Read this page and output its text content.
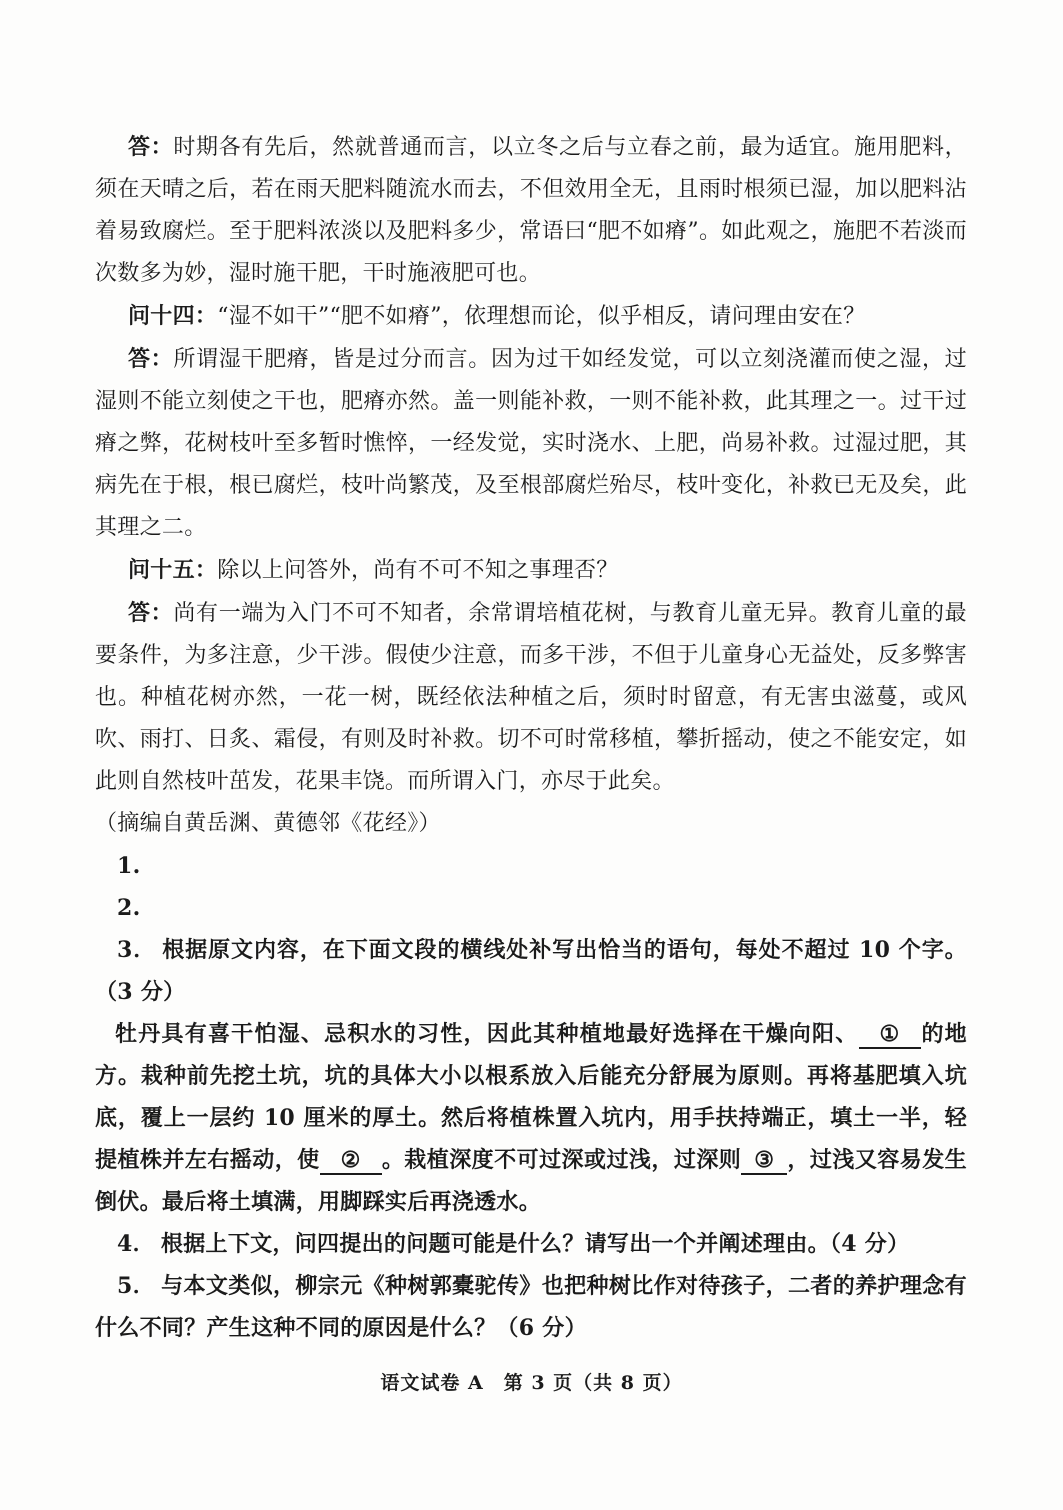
答：时期各有先后，然就普通而言，以立冬之后与立春之前，最为适宜。施用肥料，须在天晴之后，若在雨天肥料随流水而去，不但效用全无，且雨时根须已湿，加以肥料沾着易致腐烂。至于肥料浓淡以及肥料多少，常语曰“肥不如瘠”。如此观之，施肥不若淡而次数多为妙，湿时施干肥，干时施液肥可也。

问十四：“湿不如干”“肥不如瘠”，依理想而论，似乎相反，请问理由安在？

答：所谓湿干肥瘠，皆是过分而言。因为过干如经发觉，可以立刻浇灌而使之湿，过湿则不能立刻使之干也，肥瘠亦然。盖一则能补救，一则不能补救，此其理之一。过干过瘠之弊，花树枝叶至多暂时憔悴，一经发觉，实时浇水、上肥，尚易补救。过湿过肥，其病先在于根，根已腐烂，枝叶尚繁茂，及至根部腐烂殆尽，枝叶变化，补救已无及矣，此其理之二。

问十五：除以上问答外，尚有不可不知之事理否？

答：尚有一端为入门不可不知者，余常谓培植花树，与教育儿童无异。教育儿童的最要条件，为多注意，少干涉。假使少注意，而多干涉，不但于儿童身心无益处，反多弊害也。种植花树亦然，一花一树，既经依法种植之后，须时时留意，有无害虫滋蔓，或风吹、雨打、日炙、霜侵，有则及时补救。切不可时常移植，攀折摇动，使之不能安定，如此则自然枝叶茁发，花果丰饶。而所谓入门，亦尽于此矣。

（摘编自黄岳渊、黄德邻《花经》）

1.

2.

3． 根据原文内容，在下面文段的横线处补写出恰当的语句，每处不超过 10 个字。（3 分）

牡丹具有喜干怕湿、忌积水的习性，因此其种植地最好选择在干燥向阳、 ① 的地方。栽种前先挖土坑，坑的具体大小以根系放入后能充分舒展为原则。再将基肥填入坑底，覆上一层约 10 厘米的厚土。然后将植株置入坑内，用手扶持端正，填土一半，轻提植株并左右摇动，使 ② 。栽植深度不可过深或过浅，过深则 ③ ，过浅又容易发生倒伏。最后将土填满，用脚踩实后再浇透水。

4． 根据上下文，问四提出的问题可能是什么？请写出一个并阐述理由。（4 分）

5． 与本文类似，柳宗元《种树郭橐驼传》也把种树比作对待孩子，二者的养护理念有什么不同？产生这种不同的原因是什么？（6 分）

语文试卷 A　第 3 页（共 8 页）
